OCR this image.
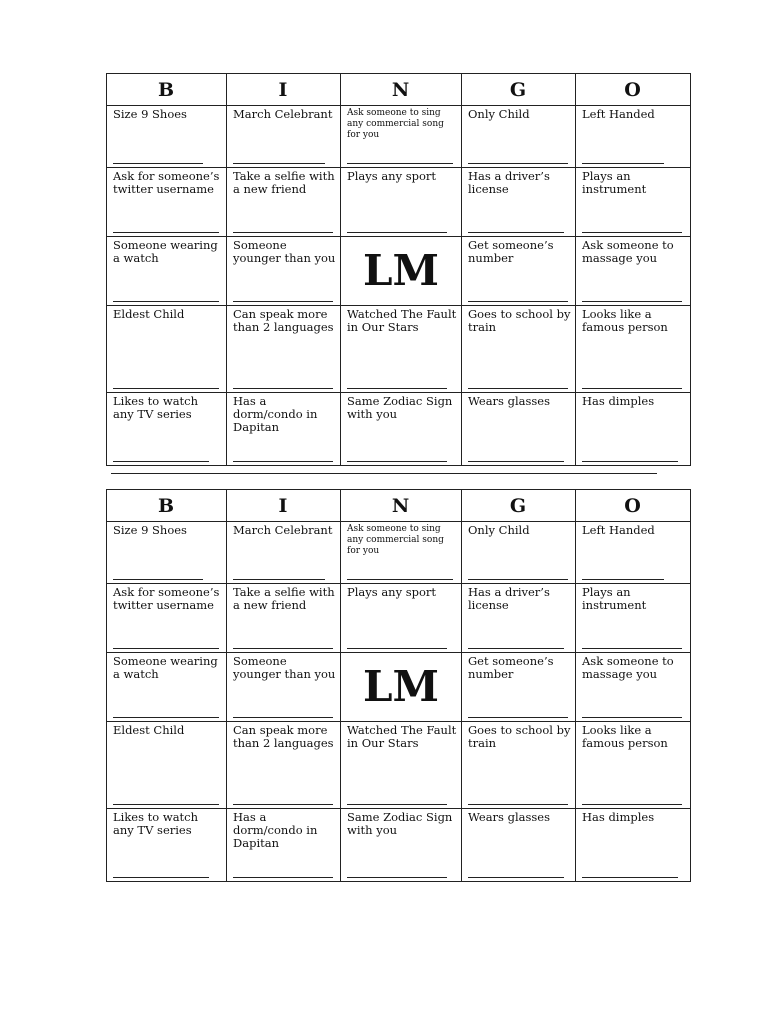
B	I	N	G	O

Size 9 Shoes	March Celebrant	Ask someone to sing any commercial song for you	Only Child	Left Handed

Ask for someone’s twitter username	Take a selfie with a new friend	Plays any sport	Has a driver’s license	Plays an instrument

Someone wearing a watch	Someone younger than you	LM	Get someone’s number	Ask someone to massage you

Eldest Child	Can speak more than 2 languages	Watched The Fault in Our Stars	Goes to school by train	Looks like a famous person

Likes to watch any TV series	Has a dorm/condo in Dapitan	Same Zodiac Sign with you	Wears glasses	Has dimples
B	I	N	G	O

Size 9 Shoes	March Celebrant	Ask someone to sing any commercial song for you	Only Child	Left Handed

Ask for someone’s twitter username	Take a selfie with a new friend	Plays any sport	Has a driver’s license	Plays an instrument

Someone wearing a watch	Someone younger than you	LM	Get someone’s number	Ask someone to massage you

Eldest Child	Can speak more than 2 languages	Watched The Fault in Our Stars	Goes to school by train	Looks like a famous person

Likes to watch any TV series	Has a dorm/condo in Dapitan	Same Zodiac Sign with you	Wears glasses	Has dimples
